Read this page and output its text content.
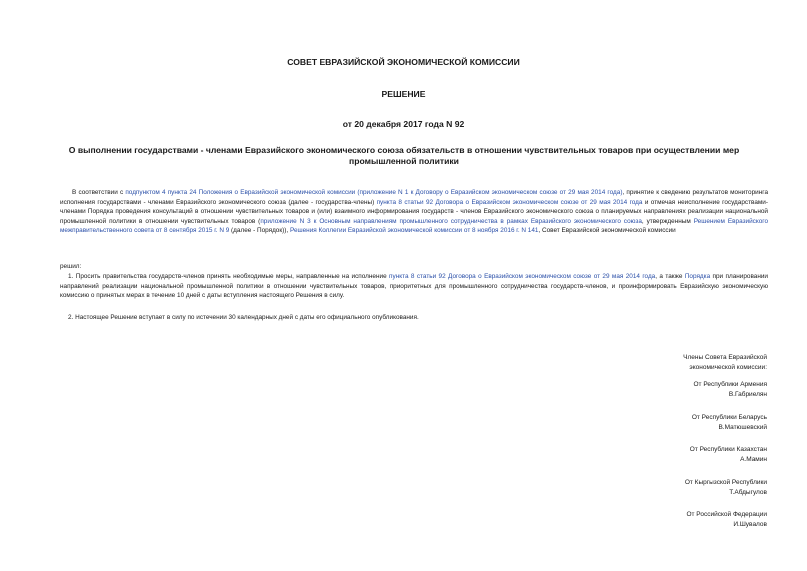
СОВЕТ ЕВРАЗИЙСКОЙ ЭКОНОМИЧЕСКОЙ КОМИССИИ

РЕШЕНИЕ

от 20 декабря 2017 года N 92

О выполнении государствами - членами Евразийского экономического союза обязательств в отношении чувствительных товаров при осуществлении мер промышленной политики

В соответствии с подпунктом 4 пункта 24 Положения о Евразийской экономической комиссии (приложение N 1 к Договору о Евразийском экономическом союзе от 29 мая 2014 года), принятие к сведению результатов мониторинга исполнения государствами - членами Евразийского экономического союза (далее - государства-члены) пункта 8 статьи 92 Договора о Евразийском экономическом союзе от 29 мая 2014 года и отмечая неисполнение государствами-членами Порядка проведения консультаций в отношении чувствительных товаров и (или) взаимного информирования государств - членов Евразийского экономического союза о планируемых направлениях реализации национальной промышленной политики в отношении чувствительных товаров (приложение N 3 к Основным направлениям промышленного сотрудничества в рамках Евразийского экономического союза, утвержденным Решением Евразийского межправительственного совета от 8 сентября 2015 г. N 9 (далее - Порядок)), Решения Коллегии Евразийской экономической комиссии от 8 ноября 2016 г. N 141, Совет Евразийской экономической комиссии

решил:

1. Просить правительства государств-членов принять необходимые меры, направленные на исполнение пункта 8 статьи 92 Договора о Евразийском экономическом союзе от 29 мая 2014 года, а также Порядка при планировании направлений реализации национальной промышленной политики в отношении чувствительных товаров, приоритетных для промышленного сотрудничества государств-членов, и проинформировать Евразийскую экономическую комиссию о принятых мерах в течение 10 дней с даты вступления настоящего Решения в силу.

2. Настоящее Решение вступает в силу по истечении 30 календарных дней с даты его официального опубликования.

Члены Совета Евразийской
экономической комиссии:

От Республики Армения
В.Габриелян

От Республики Беларусь
В.Матюшевский

От Республики Казахстан
А.Мамин

От Кыргызской Республики
Т.Абдыгулов

От Российской Федерации
И.Шувалов
